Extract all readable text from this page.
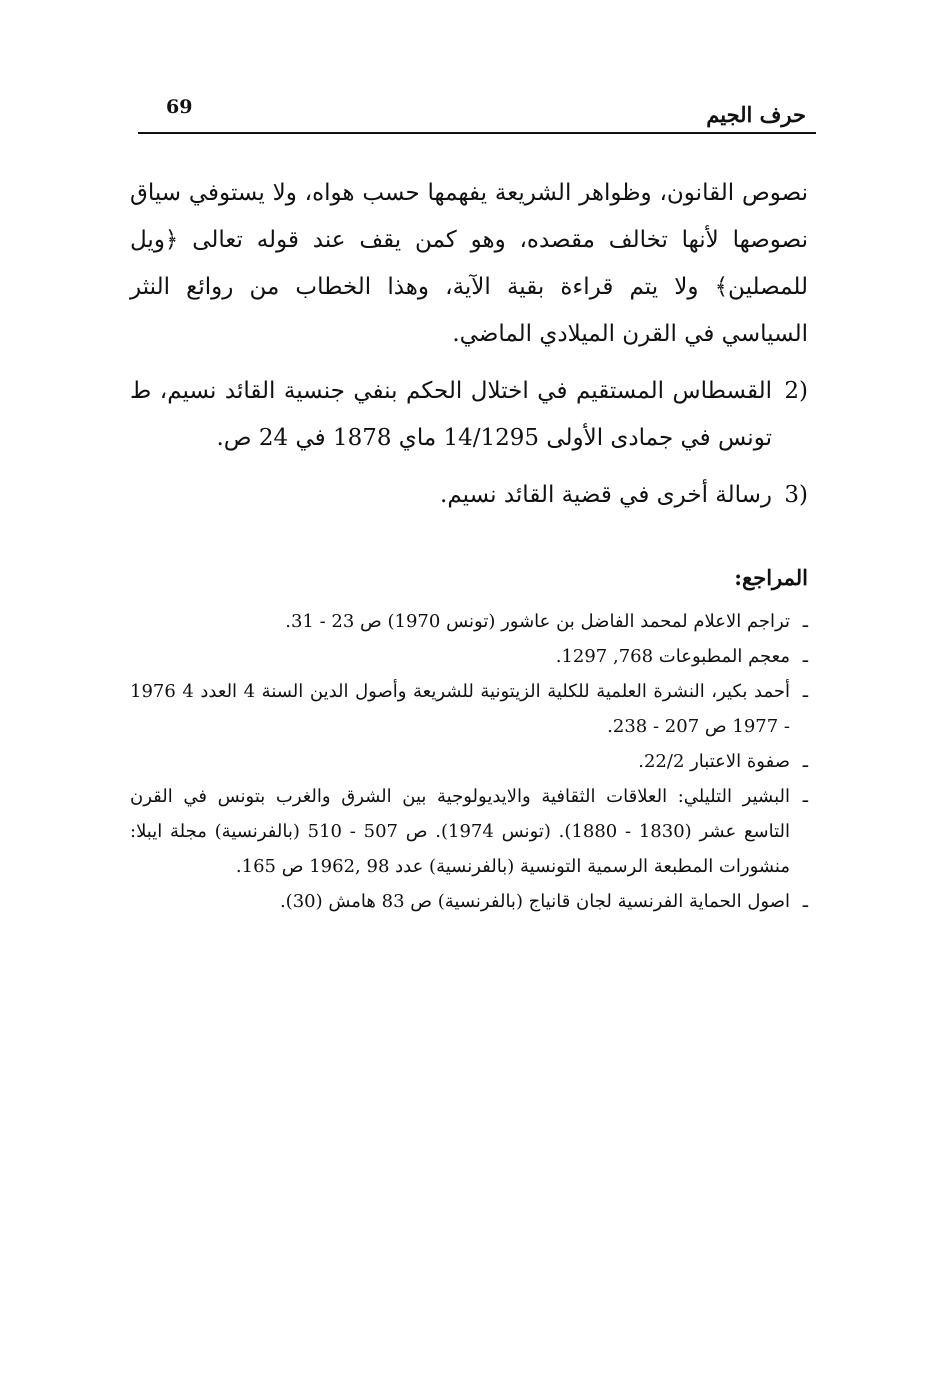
69	حرف الجيم

نصوص القانون، وظواهر الشريعة يفهمها حسب هواه، ولا يستوفي سياق نصوصها لأنها تخالف مقصده، وهو كمن يقف عند قوله تعالى ﴿ويل للمصلين﴾ ولا يتم قراءة بقية الآية، وهذا الخطاب من روائع النثر السياسي في القرن الميلادي الماضي.

2)
القسطاس المستقيم في اختلال الحكم بنفي جنسية القائد نسيم، ط تونس في جمادى الأولى 14/1295 ماي 1878 في 24 ص.
3)
رسالة أخرى في قضية القائد نسيم.

المراجع:

ـ
تراجم الاعلام لمحمد الفاضل بن عاشور (تونس 1970) ص 23 - 31.
ـ
معجم المطبوعات 768, 1297.
ـ
أحمد بكير، النشرة العلمية للكلية الزيتونية للشريعة وأصول الدين السنة 4 العدد 4 1976 - 1977 ص 207 - 238.
ـ
صفوة الاعتبار 22/2.
ـ
البشير التليلي: العلاقات الثقافية والايديولوجية بين الشرق والغرب بتونس في القرن التاسع عشر (1830 - 1880). (تونس 1974). ص 507 - 510 (بالفرنسية) مجلة ايبلا: منشورات المطبعة الرسمية التونسية (بالفرنسية) عدد 98 ,1962 ص 165.
ـ
اصول الحماية الفرنسية لجان قانياج (بالفرنسية) ص 83 هامش (30).
